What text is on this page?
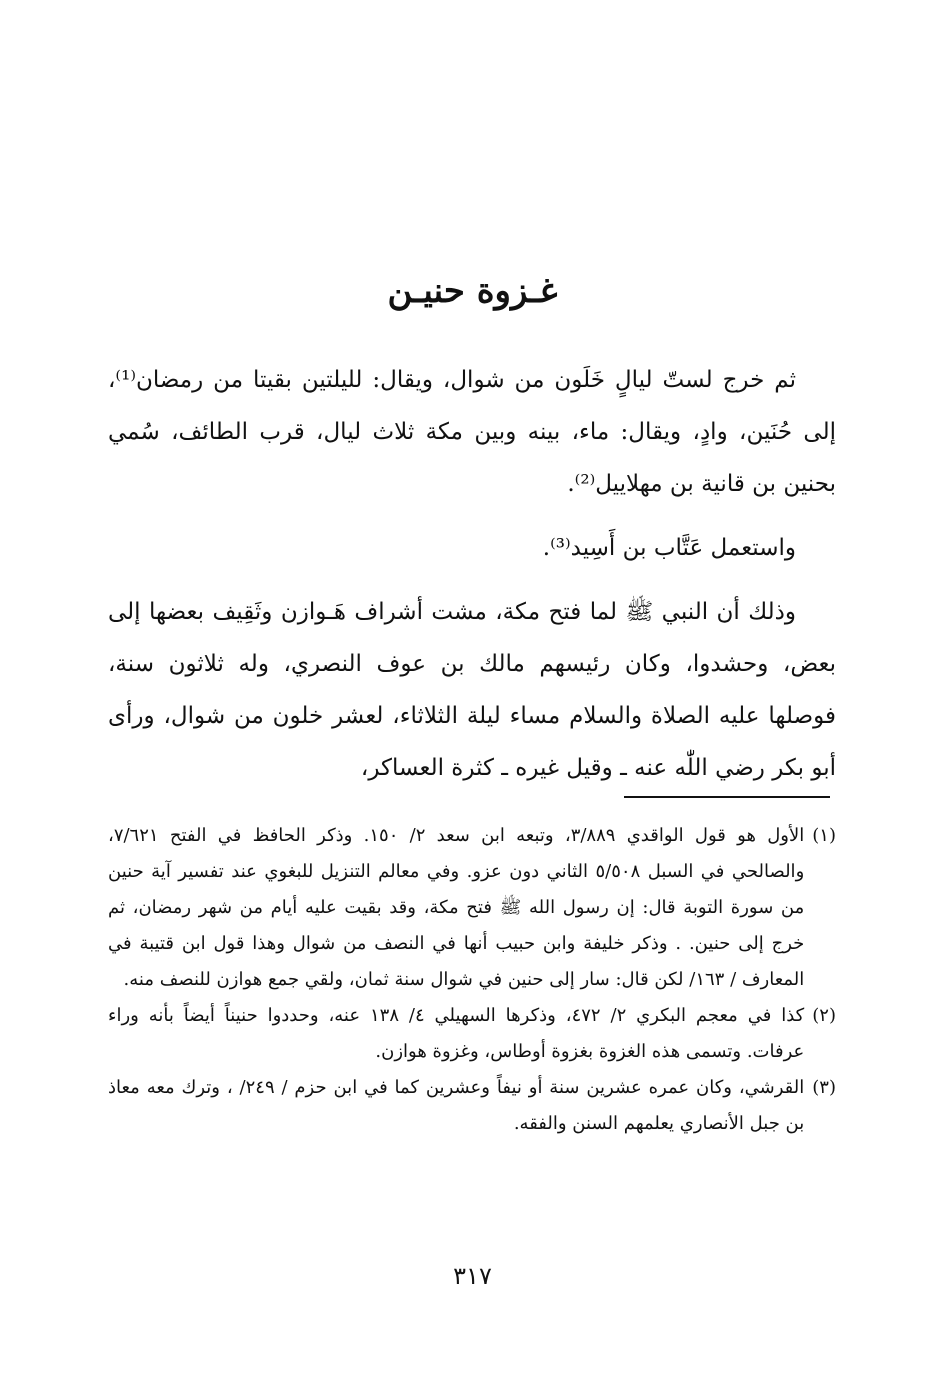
غـزوة حنيـن

ثم خرج لستّ ليالٍ خَلَون من شوال، ويقال: لليلتين بقيتا من رمضان⁽¹⁾، إلى حُنَين، وادٍ، ويقال: ماء، بينه وبين مكة ثلاث ليال، قرب الطائف، سُمي بحنين بن قانية بن مهلاييل⁽²⁾.

واستعمل عَتَّاب بن أَسِيد⁽³⁾.

وذلك أن النبي ﷺ لما فتح مكة، مشت أشراف هَـوازن وثَقِيف بعضها إلى بعض، وحشدوا، وكان رئيسهم مالك بن عوف النصري، وله ثلاثون سنة، فوصلها عليه الصلاة والسلام مساء ليلة الثلاثاء، لعشر خلون من شوال، ورأى أبو بكر رضي اللّٰه عنه ـ وقيل غيره ـ كثرة العساكر،

(١)
الأول هو قول الواقدي ٣/٨٨٩، وتبعه ابن سعد ٢/ ١٥٠. وذكر الحافظ في الفتح ٧/٦٢١، والصالحي في السبل ٥/٥٠٨ الثاني دون عزو. وفي معالم التنزيل للبغوي عند تفسير آية حنين من سورة التوبة قال: إن رسول الله ﷺ فتح مكة، وقد بقيت عليه أيام من شهر رمضان، ثم خرج إلى حنين. . وذكر خليفة وابن حبيب أنها في النصف من شوال وهذا قول ابن قتيبة في المعارف / ١٦٣/ لكن قال: سار إلى حنين في شوال سنة ثمان، ولقي جمع هوازن للنصف منه.
(٢)
كذا في معجم البكري ٢/ ٤٧٢، وذكرها السهيلي ٤/ ١٣٨ عنه، وحددوا حنيناً أيضاً بأنه وراء عرفات. وتسمى هذه الغزوة بغزوة أوطاس، وغزوة هوازن.
(٣)
القرشي، وكان عمره عشرين سنة أو نيفاً وعشرين كما في ابن حزم / ٢٤٩/ ، وترك معه معاذ بن جبل الأنصاري يعلمهم السنن والفقه.
٣١٧
